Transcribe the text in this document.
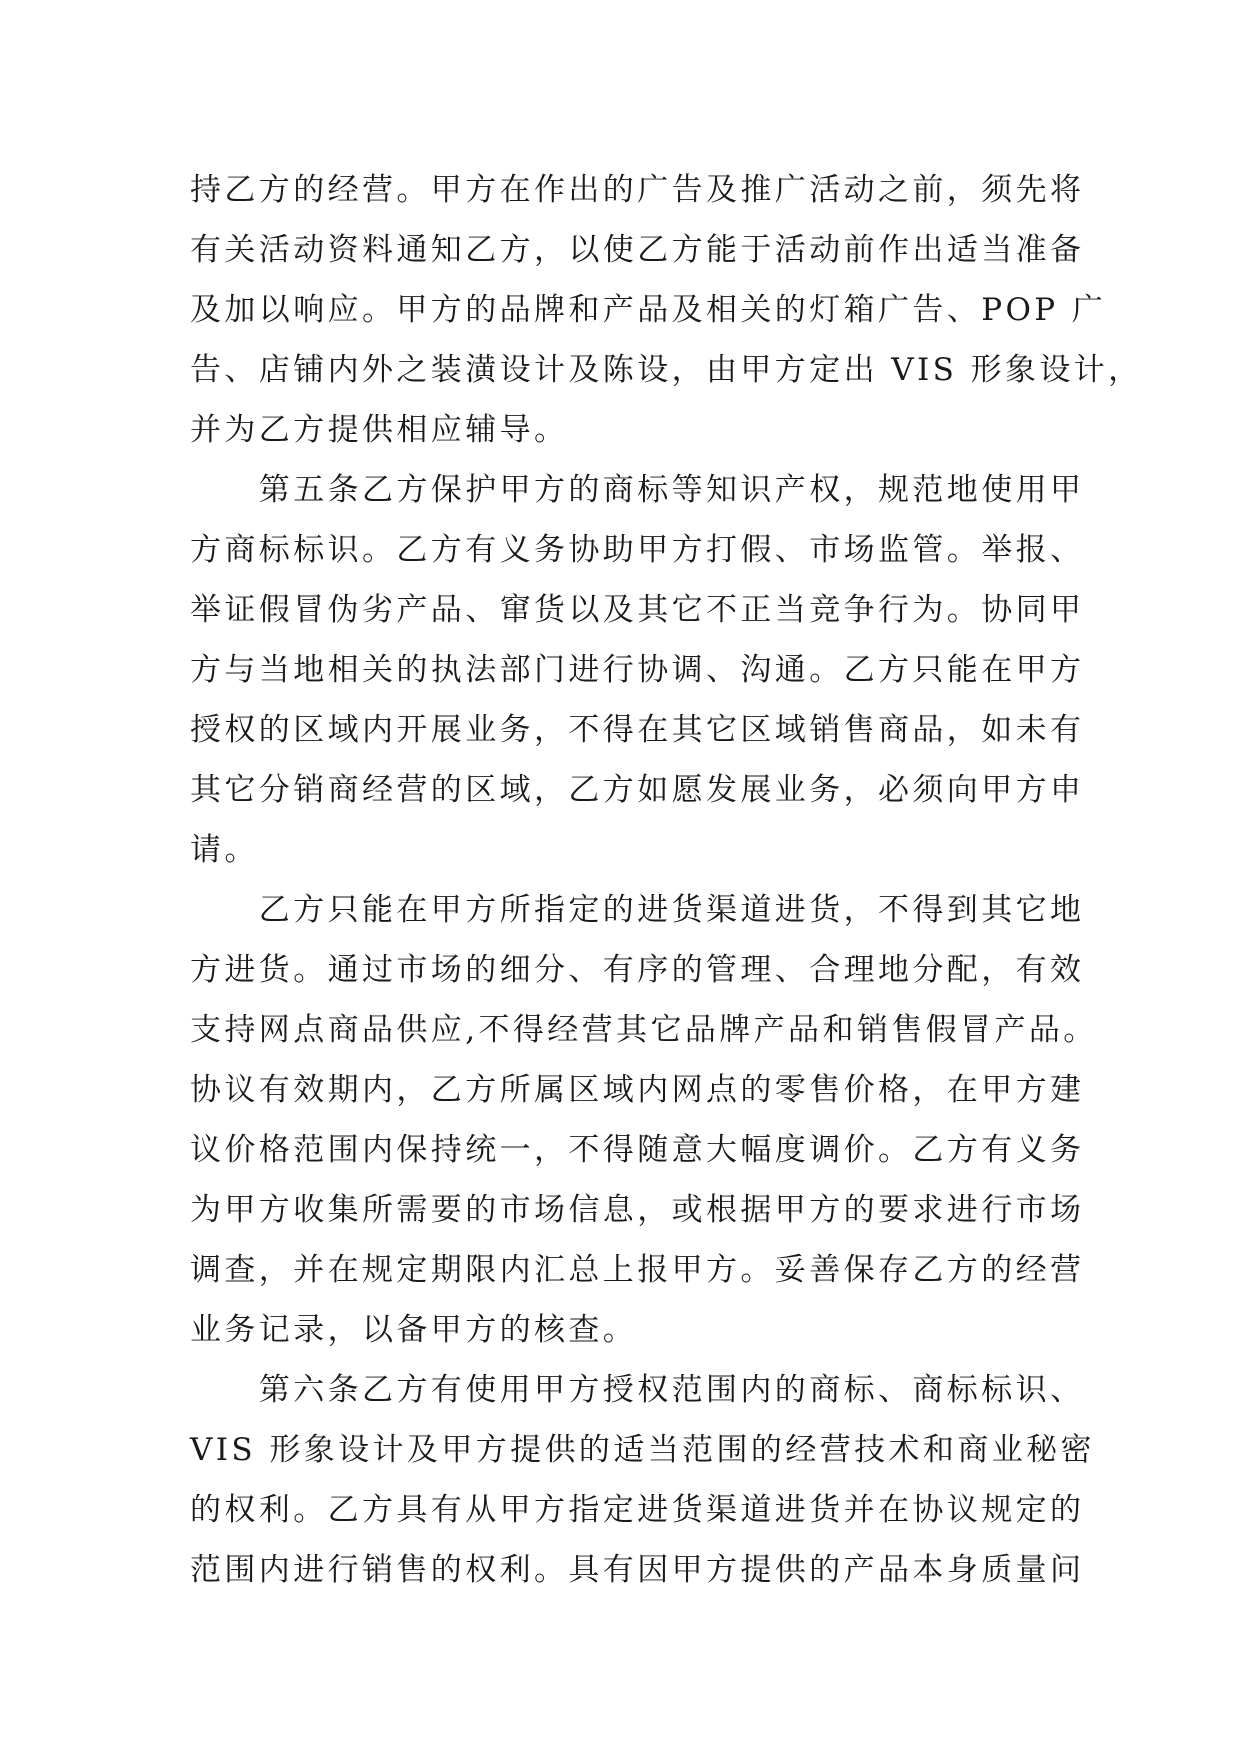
持乙方的经营。甲方在作出的广告及推广活动之前，须先将
有关活动资料通知乙方，以使乙方能于活动前作出适当准备
及加以响应。甲方的品牌和产品及相关的灯箱广告、POP 广
告、店铺内外之装潢设计及陈设，由甲方定出 VIS 形象设计，
并为乙方提供相应辅导。
　　第五条乙方保护甲方的商标等知识产权，规范地使用甲
方商标标识。乙方有义务协助甲方打假、市场监管。举报、
举证假冒伪劣产品、窜货以及其它不正当竞争行为。协同甲
方与当地相关的执法部门进行协调、沟通。乙方只能在甲方
授权的区域内开展业务，不得在其它区域销售商品，如未有
其它分销商经营的区域，乙方如愿发展业务，必须向甲方申
请。
　　乙方只能在甲方所指定的进货渠道进货，不得到其它地
方进货。通过市场的细分、有序的管理、合理地分配，有效
支持网点商品供应,不得经营其它品牌产品和销售假冒产品。
协议有效期内，乙方所属区域内网点的零售价格，在甲方建
议价格范围内保持统一，不得随意大幅度调价。乙方有义务
为甲方收集所需要的市场信息，或根据甲方的要求进行市场
调查，并在规定期限内汇总上报甲方。妥善保存乙方的经营
业务记录，以备甲方的核查。
　　第六条乙方有使用甲方授权范围内的商标、商标标识、
VIS 形象设计及甲方提供的适当范围的经营技术和商业秘密
的权利。乙方具有从甲方指定进货渠道进货并在协议规定的
范围内进行销售的权利。具有因甲方提供的产品本身质量问
